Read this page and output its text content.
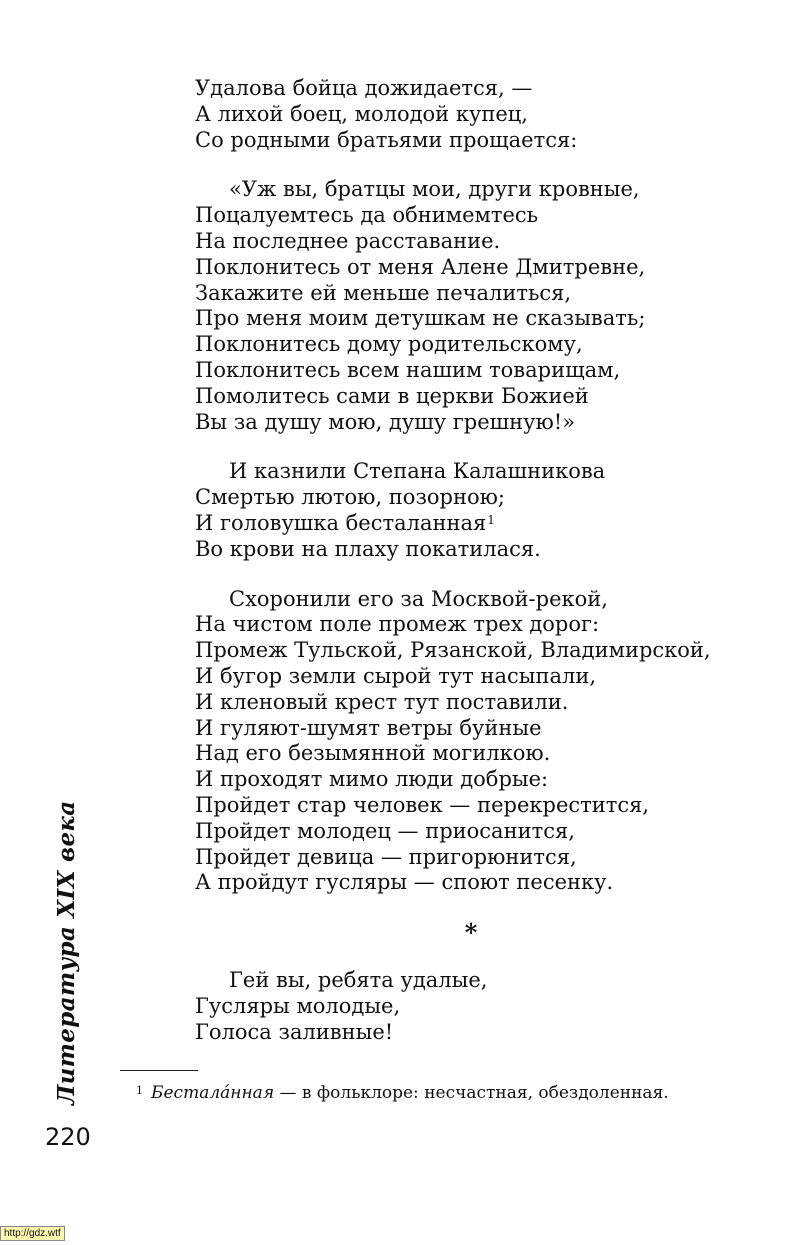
Удалова бойца дожидается, —
А лихой боец, молодой купец,
Со родными братьями прощается:
«Уж вы, братцы мои, други кровные,
Поцалуемтесь да обнимемтесь
На последнее расставание.
Поклонитесь от меня Алене Дмитревне,
Закажите ей меньше печалиться,
Про меня моим детушкам не сказывать;
Поклонитесь дому родительскому,
Поклонитесь всем нашим товарищам,
Помолитесь сами в церкви Божией
Вы за душу мою, душу грешную!»
И казнили Степана Калашникова
Смертью лютою, позорною;
И головушка бесталанная$^1$
Во крови на плаху покатилася.
Схоронили его за Москвой-рекой,
На чистом поле промеж трех дорог:
Промеж Тульской, Рязанской, Владимирской,
И бугор земли сырой тут насыпали,
И кленовый крест тут поставили.
И гуляют-шумят ветры буйные
Над его безымянной могилкою.
И проходят мимо люди добрые:
Пройдет стар человек — перекрестится,
Пройдет молодец — приосанится,
Пройдет девица — пригорюнится,
А пройдут гусляры — споют песенку.
*
Гей вы, ребята удалые,
Гусляры молодые,
Голоса заливные!
$^1$ Бесталáнная — в фольклоре: несчастная, обездоленная.
Литература XIX века
220
http://gdz.wtf
